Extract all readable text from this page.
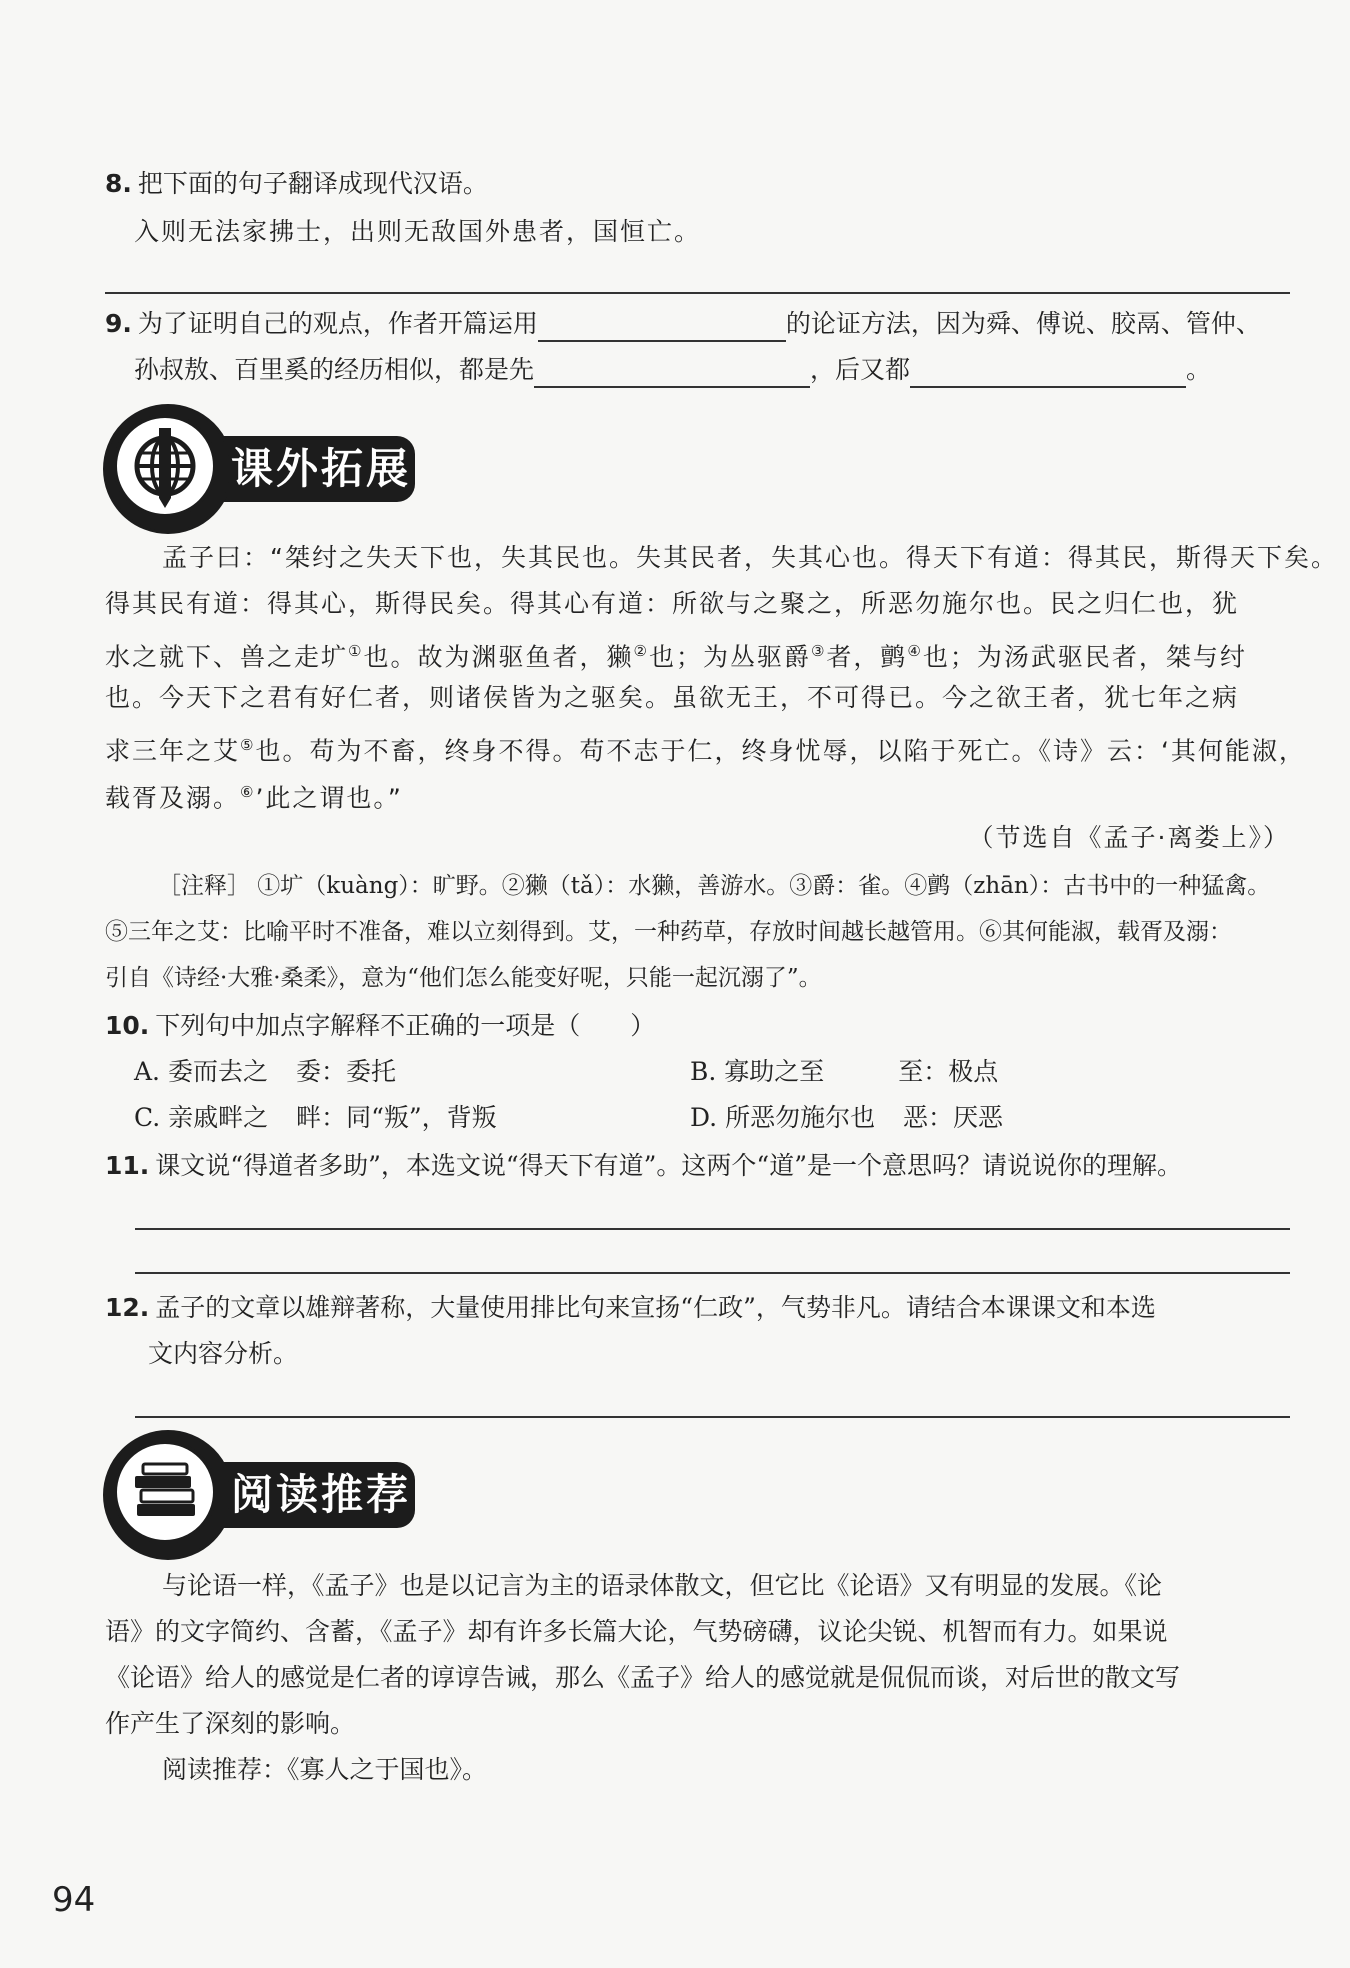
8. 把下面的句子翻译成现代汉语。
入则无法家拂士，出则无敌国外患者，国恒亡。
9. 为了证明自己的观点，作者开篇运用	的论证方法，因为舜、傅说、胶鬲、管仲、
孙叔敖、百里奚的经历相似，都是先	，后又都	。
课外拓展
孟子曰：“桀纣之失天下也，失其民也。失其民者，失其心也。得天下有道：得其民，斯得天下矣。
得其民有道：得其心，斯得民矣。得其心有道：所欲与之聚之，所恶勿施尔也。民之归仁也，犹
水之就下、兽之走圹①也。故为渊驱鱼者，獭②也；为丛驱爵③者，鹯④也；为汤武驱民者，桀与纣
也。今天下之君有好仁者，则诸侯皆为之驱矣。虽欲无王，不可得已。今之欲王者，犹七年之病
求三年之艾⑤也。苟为不畜，终身不得。苟不志于仁，终身忧辱，以陷于死亡。《诗》云：‘其何能淑，
载胥及溺。⑥’此之谓也。”
（节选自《孟子·离娄上》）
［注释］ ①圹（kuàng）：旷野。②獭（tǎ）：水獭，善游水。③爵：雀。④鹯（zhān）：古书中的一种猛禽。
⑤三年之艾：比喻平时不准备，难以立刻得到。艾，一种药草，存放时间越长越管用。⑥其何能淑，载胥及溺：
引自《诗经·大雅·桑柔》，意为“他们怎么能变好呢，只能一起沉溺了”。
10. 下列句中加点字解释不正确的一项是（　　）
A. 委而去之 委：委托	B. 寡助之至	至：极点
C. 亲戚畔之 畔：同“叛”，背叛	D. 所恶勿施尔也 恶：厌恶
11. 课文说“得道者多助”，本选文说“得天下有道”。这两个“道”是一个意思吗？请说说你的理解。
12. 孟子的文章以雄辩著称，大量使用排比句来宣扬“仁政”，气势非凡。请结合本课课文和本选
文内容分析。
阅读推荐
与论语一样，《孟子》也是以记言为主的语录体散文，但它比《论语》又有明显的发展。《论
语》的文字简约、含蓄，《孟子》却有许多长篇大论，气势磅礴，议论尖锐、机智而有力。如果说
《论语》给人的感觉是仁者的谆谆告诫，那么《孟子》给人的感觉就是侃侃而谈，对后世的散文写
作产生了深刻的影响。
阅读推荐：《寡人之于国也》。
94
